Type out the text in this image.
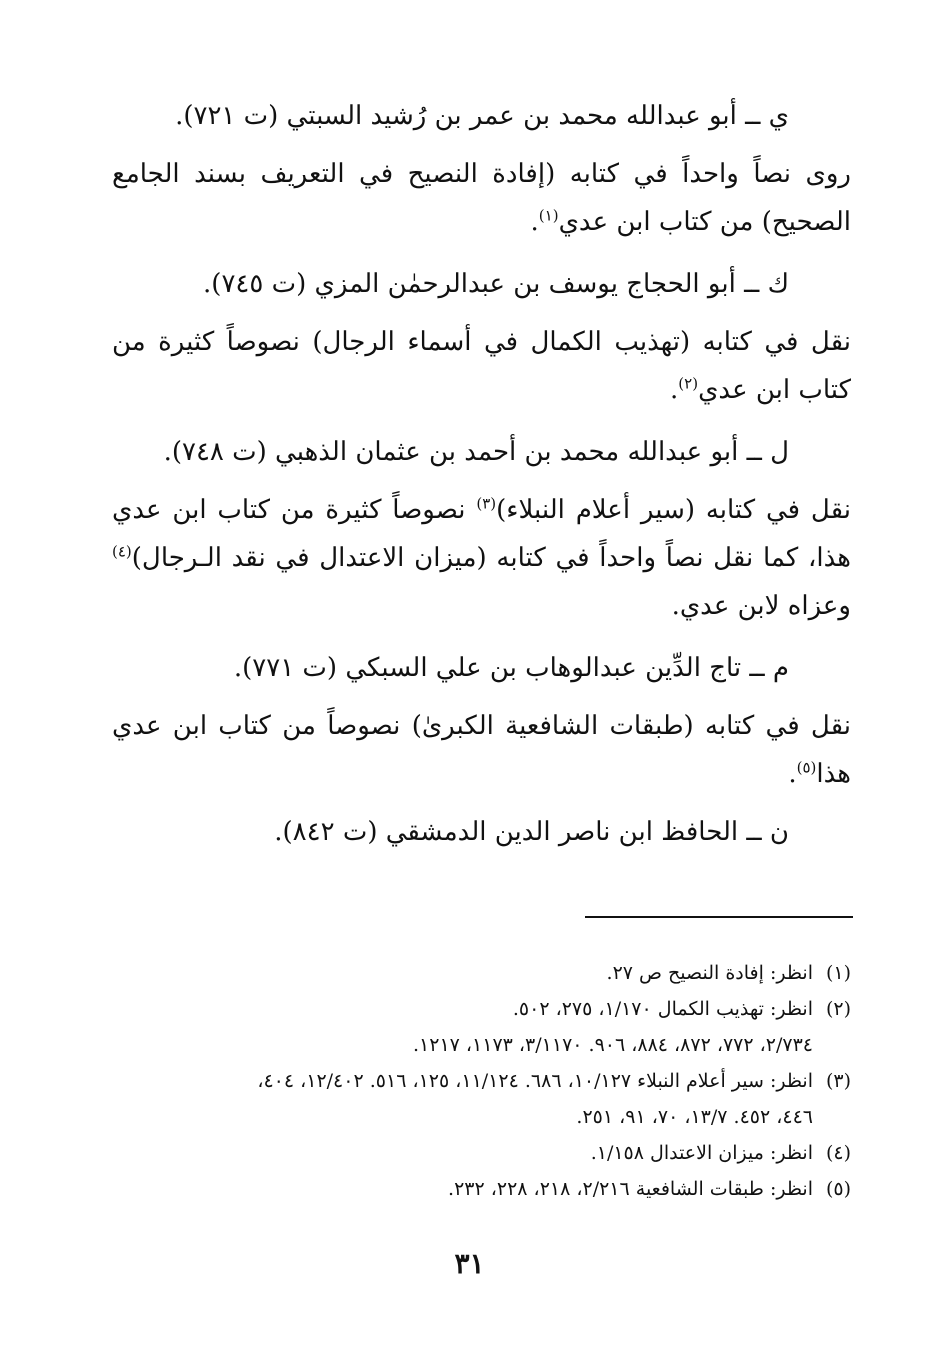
ي ــ أبو عبدالله محمد بن عمر بن رُشيد السبتي (ت ٧٢١).
روى نصاً واحداً في كتابه (إفادة النصيح في التعريف بسند الجامع
الصحيح) من كتاب ابن عدي$^{(١)}$.
ك ــ أبو الحجاج يوسف بن عبدالرحمٰن المزي (ت ٧٤٥).
نقل في كتابه (تهذيب الكمال في أسماء الرجال) نصوصاً كثيرة من
كتاب ابن عدي$^{(٢)}$.
ل ــ أبو عبدالله محمد بن أحمد بن عثمان الذهبي (ت ٧٤٨).
نقل في كتابه (سير أعلام النبلاء)$^{(٣)}$ نصوصاً كثيرة من كتاب ابن عدي
هذا، كما نقل نصاً واحداً في كتابه (ميزان الاعتدال في نقد الـرجال)$^{(٤)}$
وعزاه لابن عدي.
م ــ تاج الدِّين عبدالوهاب بن علي السبكي (ت ٧٧١).
نقل في كتابه (طبقات الشافعية الكبرىٰ) نصوصاً من كتاب ابن عدي
هذا$^{(٥)}$.
ن ــ الحافظ ابن ناصر الدين الدمشقي (ت ٨٤٢).
(١)انظر: إفادة النصيح ص ٢٧.
(٢)انظر: تهذيب الكمال ١/١٧٠، ٢٧٥، ٥٠٢.
٢/٧٣٤، ٧٧٢، ٨٧٢، ٨٨٤، ٩٠٦. ٣/١١٧٠، ١١٧٣، ١٢١٧.
(٣)انظر: سير أعلام النبلاء ١٠/١٢٧، ٦٨٦. ١١/١٢٤، ١٢٥، ٥١٦. ١٢/٤٠٢، ٤٠٤،
٤٤٦، ٤٥٢. ١٣/٧، ٧٠، ٩١، ٢٥١.
(٤)انظر: ميزان الاعتدال ١/١٥٨.
(٥)انظر: طبقات الشافعية ٢/٢١٦، ٢١٨، ٢٢٨، ٢٣٢.
٣١
